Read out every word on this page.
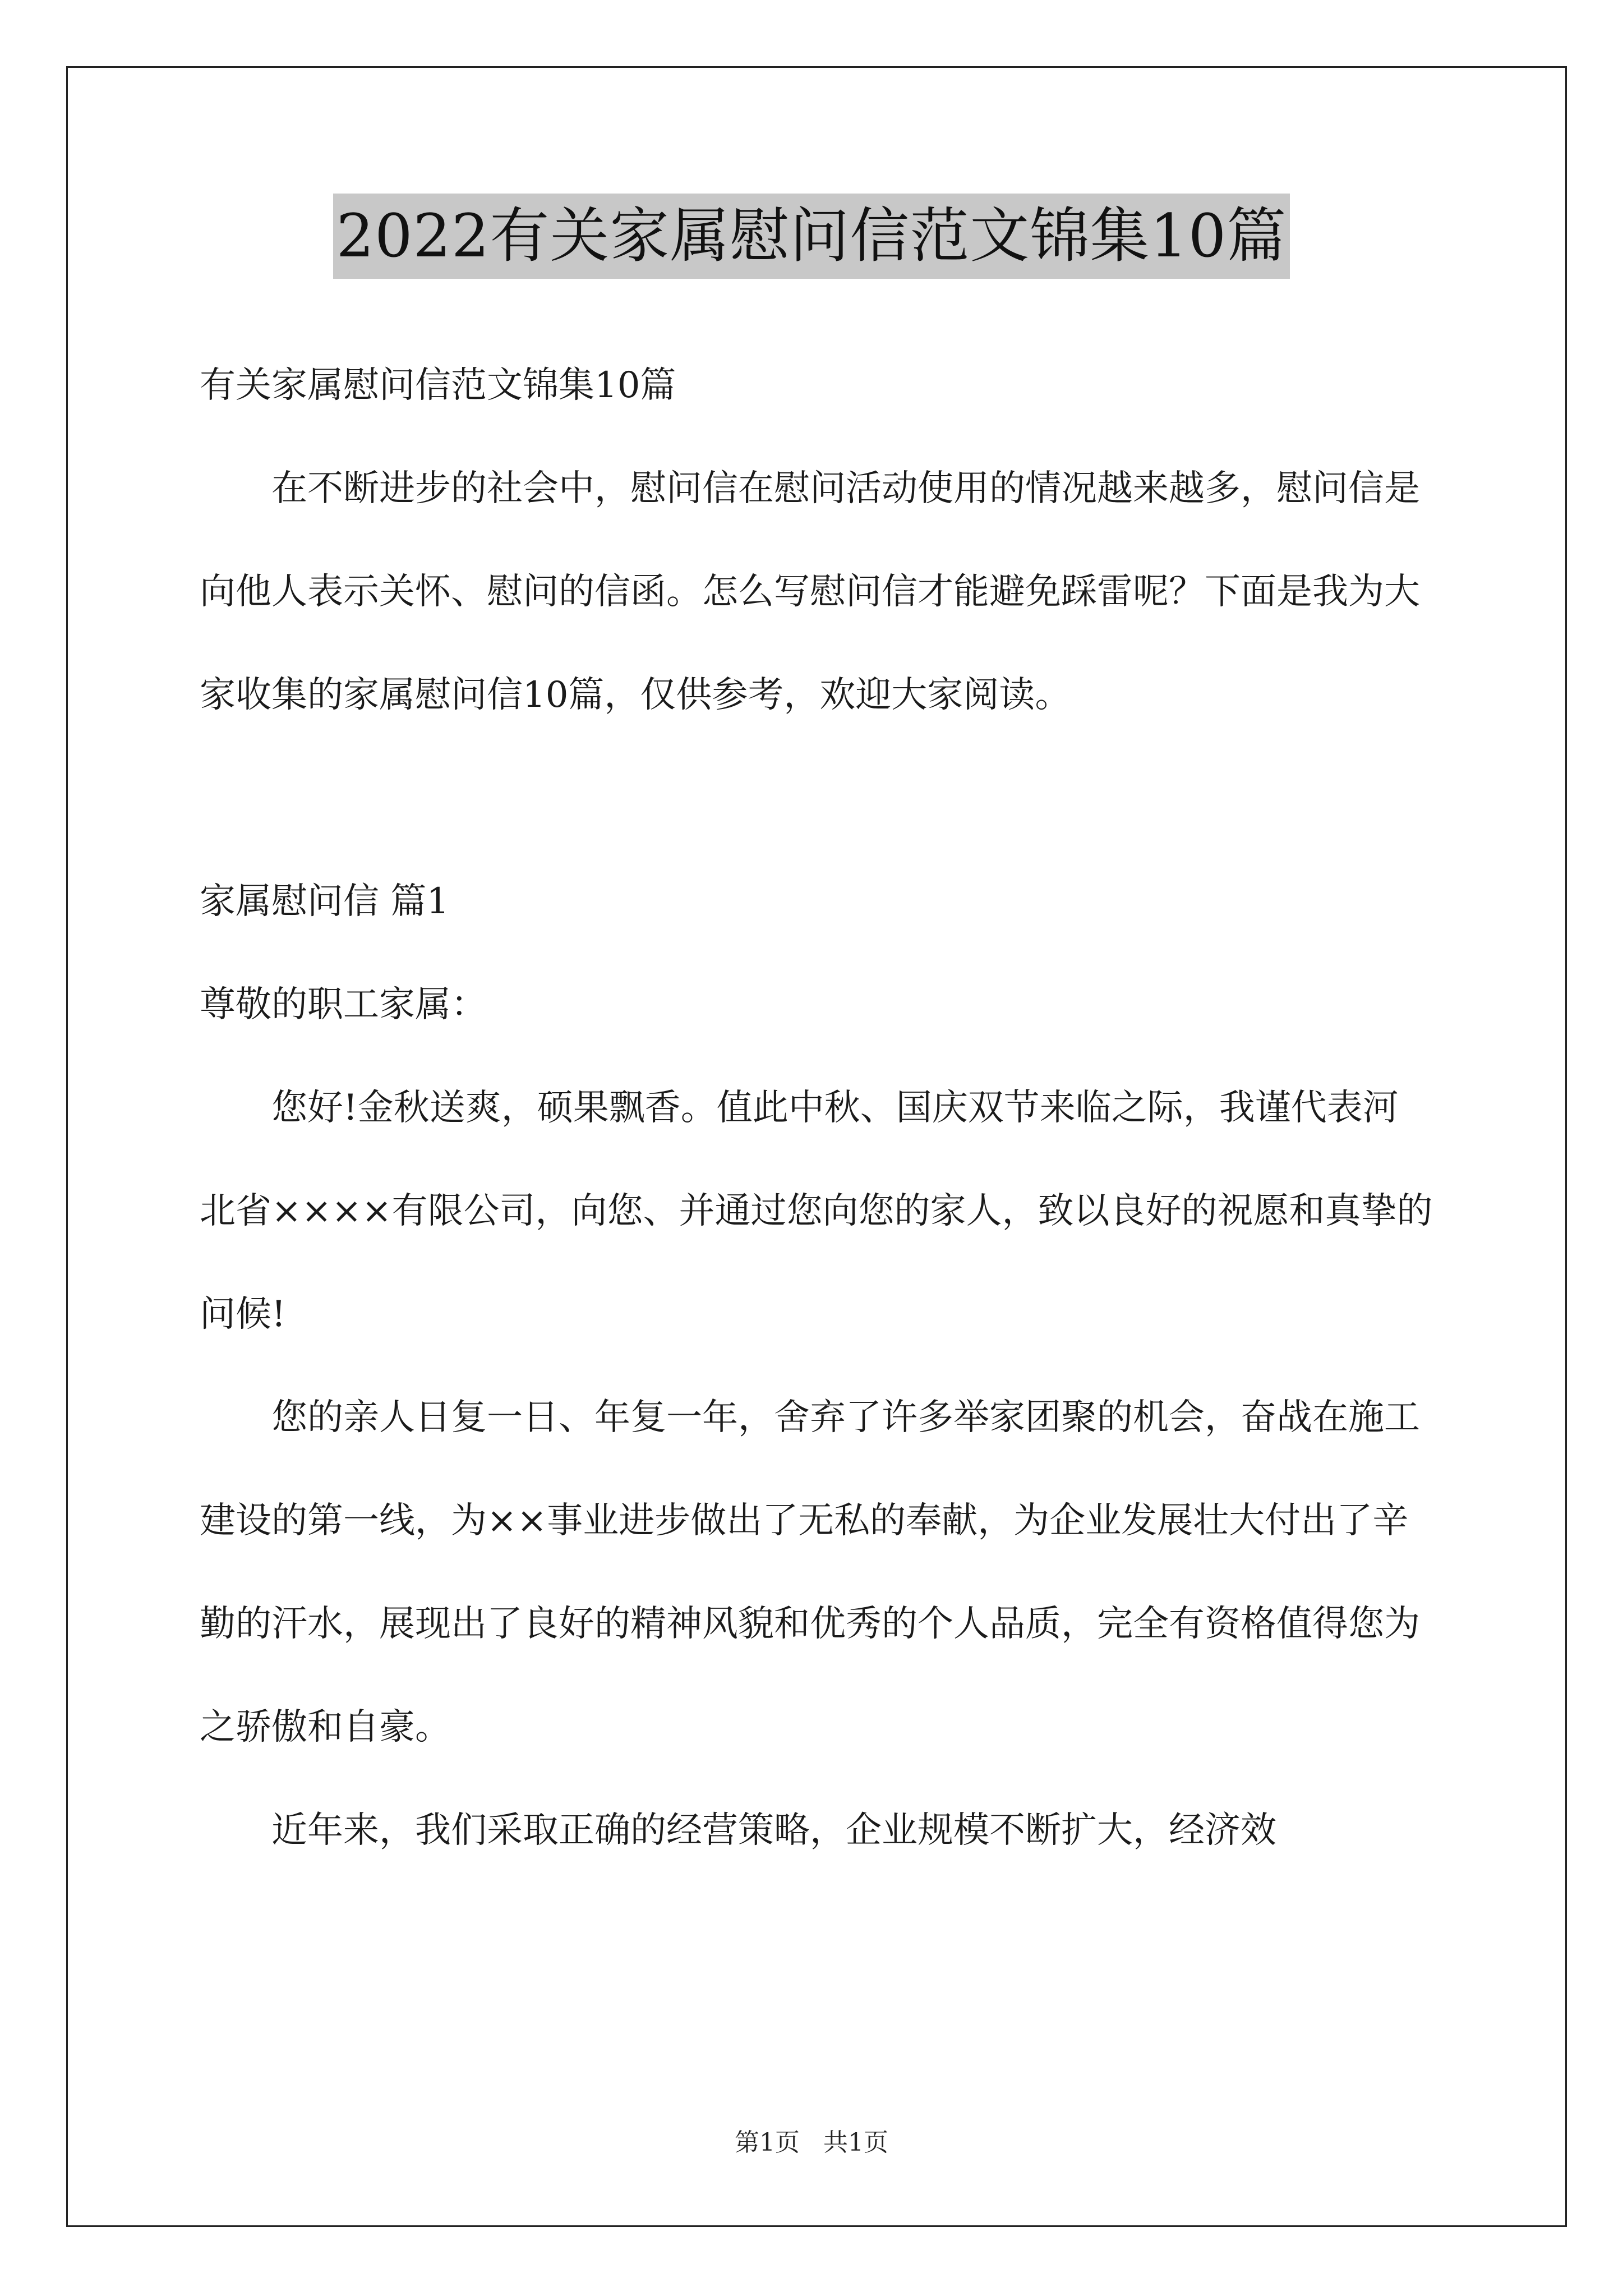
2022有关家属慰问信范文锦集10篇

有关家属慰问信范文锦集10篇

在不断进步的社会中，慰问信在慰问活动使用的情况越来越多，慰问信是向他人表示关怀、慰问的信函。怎么写慰问信才能避免踩雷呢？下面是我为大家收集的家属慰问信10篇，仅供参考，欢迎大家阅读。

家属慰问信 篇1

尊敬的职工家属：

您好!金秋送爽，硕果飘香。值此中秋、国庆双节来临之际，我谨代表河北省××××有限公司，向您、并通过您向您的家人，致以良好的祝愿和真挚的问候!

您的亲人日复一日、年复一年，舍弃了许多举家团聚的机会，奋战在施工建设的第一线，为××事业进步做出了无私的奉献，为企业发展壮大付出了辛勤的汗水，展现出了良好的精神风貌和优秀的个人品质，完全有资格值得您为之骄傲和自豪。

近年来，我们采取正确的经营策略，企业规模不断扩大，经济效

第1页   共1页
